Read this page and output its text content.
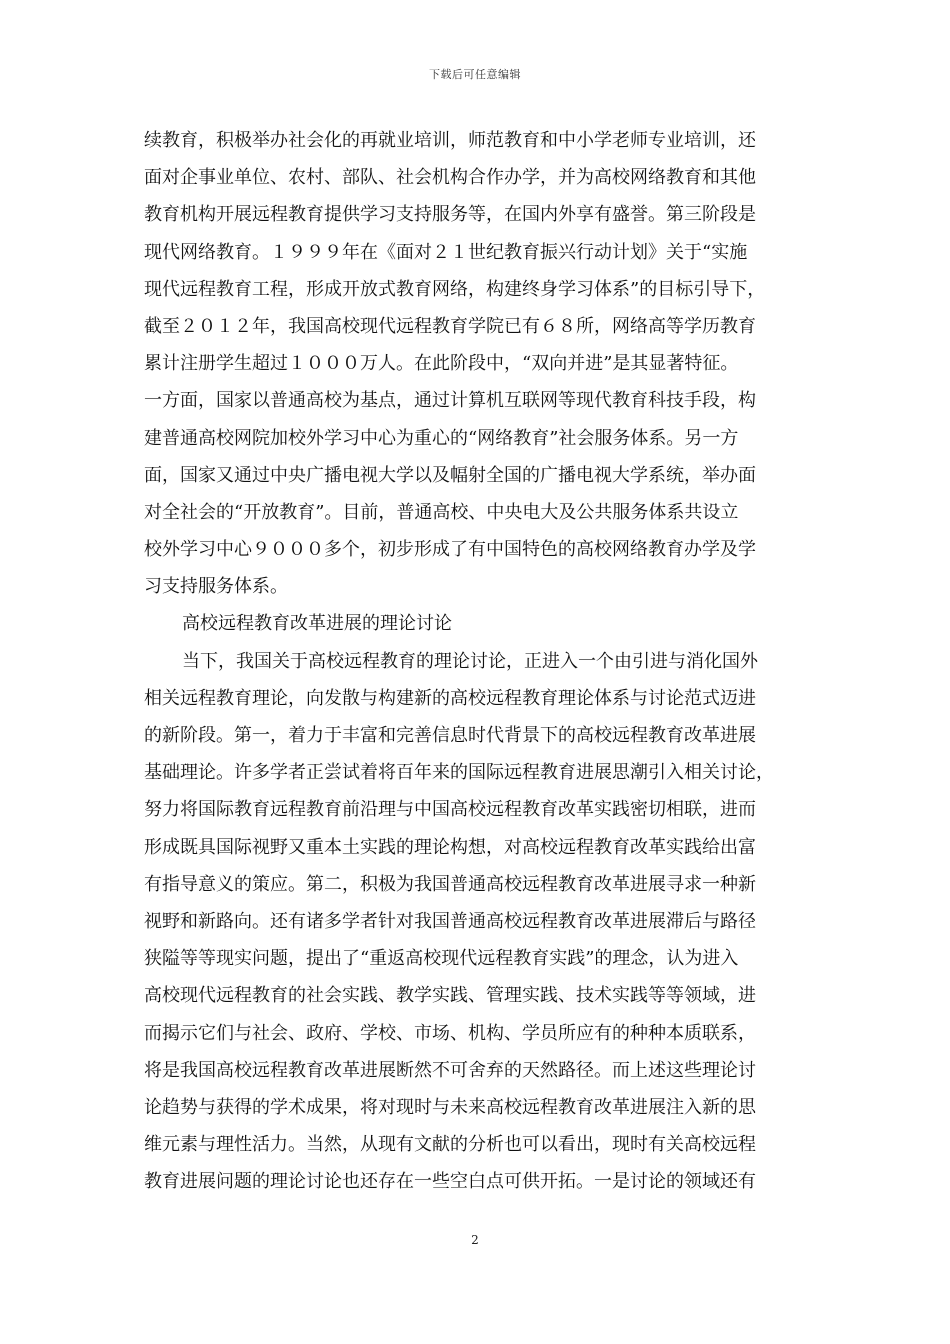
下载后可任意编辑
续教育，积极举办社会化的再就业培训，师范教育和中小学老师专业培训，还
面对企事业单位、农村、部队、社会机构合作办学，并为高校网络教育和其他
教育机构开展远程教育提供学习支持服务等，在国内外享有盛誉。第三阶段是
现代网络教育。１９９９年在《面对２１世纪教育振兴行动计划》关于“实施
现代远程教育工程，形成开放式教育网络，构建终身学习体系”的目标引导下，
截至２０１２年，我国高校现代远程教育学院已有６８所，网络高等学历教育
累计注册学生超过１０００万人。在此阶段中，“双向并进”是其显著特征。
一方面，国家以普通高校为基点，通过计算机互联网等现代教育科技手段，构
建普通高校网院加校外学习中心为重心的“网络教育”社会服务体系。另一方
面，国家又通过中央广播电视大学以及幅射全国的广播电视大学系统，举办面
对全社会的“开放教育”。目前，普通高校、中央电大及公共服务体系共设立
校外学习中心９０００多个，初步形成了有中国特色的高校网络教育办学及学
习支持服务体系。
高校远程教育改革进展的理论讨论
当下，我国关于高校远程教育的理论讨论，正进入一个由引进与消化国外
相关远程教育理论，向发散与构建新的高校远程教育理论体系与讨论范式迈进
的新阶段。第一，着力于丰富和完善信息时代背景下的高校远程教育改革进展
基础理论。许多学者正尝试着将百年来的国际远程教育进展思潮引入相关讨论，
努力将国际教育远程教育前沿理与中国高校远程教育改革实践密切相联，进而
形成既具国际视野又重本土实践的理论构想，对高校远程教育改革实践给出富
有指导意义的策应。第二，积极为我国普通高校远程教育改革进展寻求一种新
视野和新路向。还有诸多学者针对我国普通高校远程教育改革进展滞后与路径
狭隘等等现实问题，提出了“重返高校现代远程教育实践”的理念，认为进入
高校现代远程教育的社会实践、教学实践、管理实践、技术实践等等领域，进
而揭示它们与社会、政府、学校、市场、机构、学员所应有的种种本质联系，
将是我国高校远程教育改革进展断然不可舍弃的天然路径。而上述这些理论讨
论趋势与获得的学术成果，将对现时与未来高校远程教育改革进展注入新的思
维元素与理性活力。当然，从现有文献的分析也可以看出，现时有关高校远程
教育进展问题的理论讨论也还存在一些空白点可供开拓。一是讨论的领域还有
2
